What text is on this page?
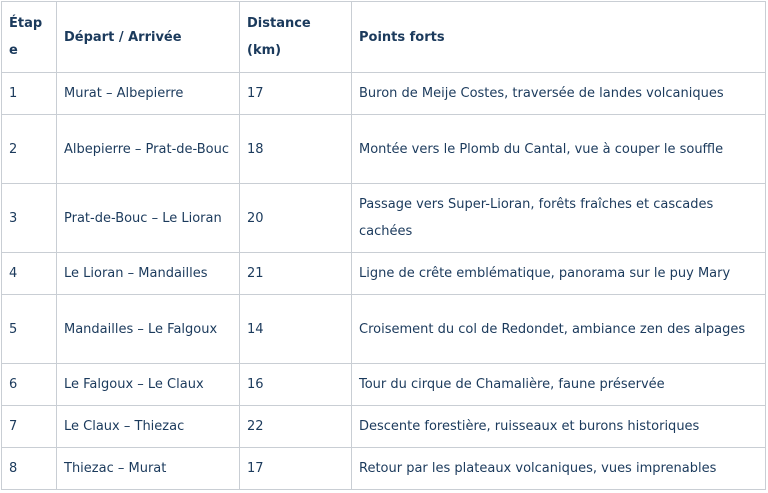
Étape	Départ / Arrivée	Distance (km)	Points forts
1	Murat – Albepierre	17	Buron de Meije Costes, traversée de landes volcaniques
2	Albepierre – Prat-de-Bouc	18	Montée vers le Plomb du Cantal, vue à couper le souffle
3	Prat-de-Bouc – Le Lioran	20	Passage vers Super-Lioran, forêts fraîches et cascades cachées
4	Le Lioran – Mandailles	21	Ligne de crête emblématique, panorama sur le puy Mary
5	Mandailles – Le Falgoux	14	Croisement du col de Redondet, ambiance zen des alpages
6	Le Falgoux – Le Claux	16	Tour du cirque de Chamalière, faune préservée
7	Le Claux – Thiezac	22	Descente forestière, ruisseaux et burons historiques
8	Thiezac – Murat	17	Retour par les plateaux volcaniques, vues imprenables
